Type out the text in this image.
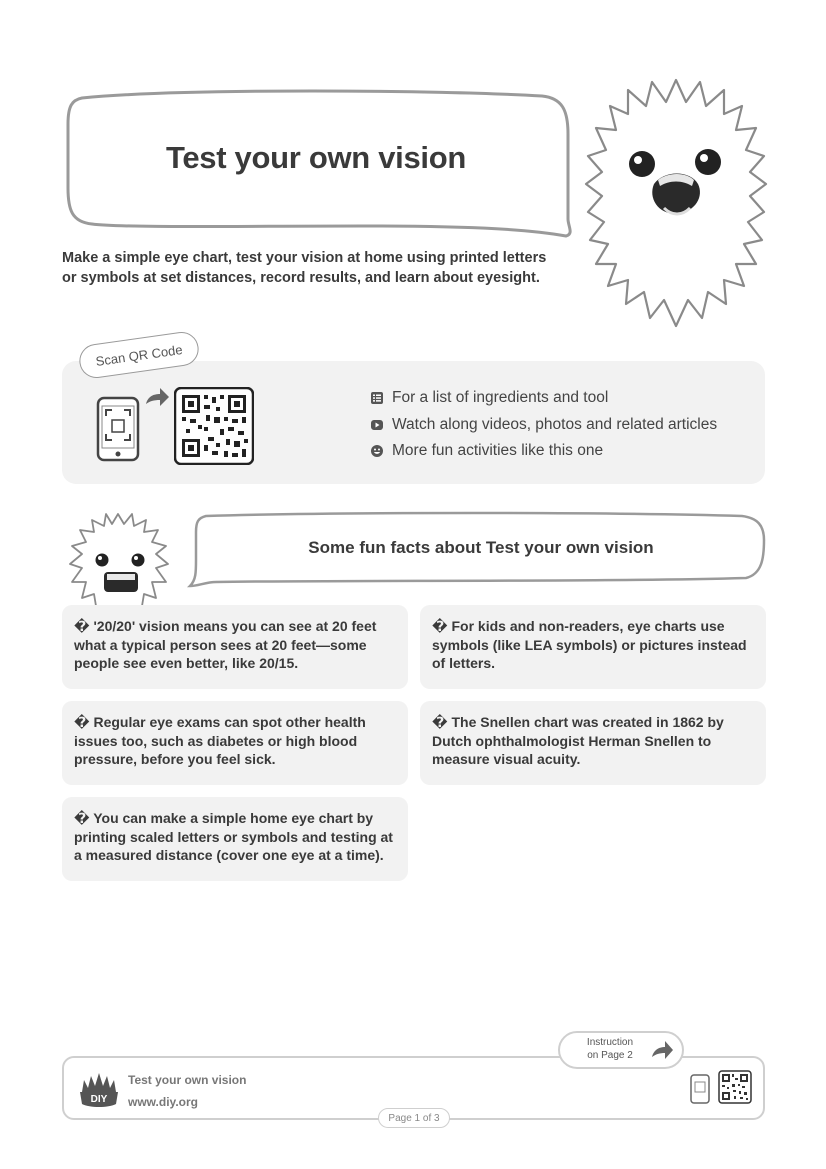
Test your own vision

Make a simple eye chart, test your vision at home using printed letters or symbols at set distances, record results, and learn about eyesight.

Scan QR Code
For a list of ingredients and tool
Watch along videos, photos and related articles
More fun activities like this one
Some fun facts about Test your own vision
� '20/20' vision means you can see at 20 feet what a typical person sees at 20 feet—some people see even better, like 20/15.
� For kids and non-readers, eye charts use symbols (like LEA symbols) or pictures instead of letters.
� Regular eye exams can spot other health issues too, such as diabetes or high blood pressure, before you feel sick.
� The Snellen chart was created in 1862 by Dutch ophthalmologist Herman Snellen to measure visual acuity.
� You can make a simple home eye chart by printing scaled letters or symbols and testing at a measured distance (cover one eye at a time).
Instruction
on Page 2
DIY
Test your own vision
www.diy.org
Page 1 of 3
